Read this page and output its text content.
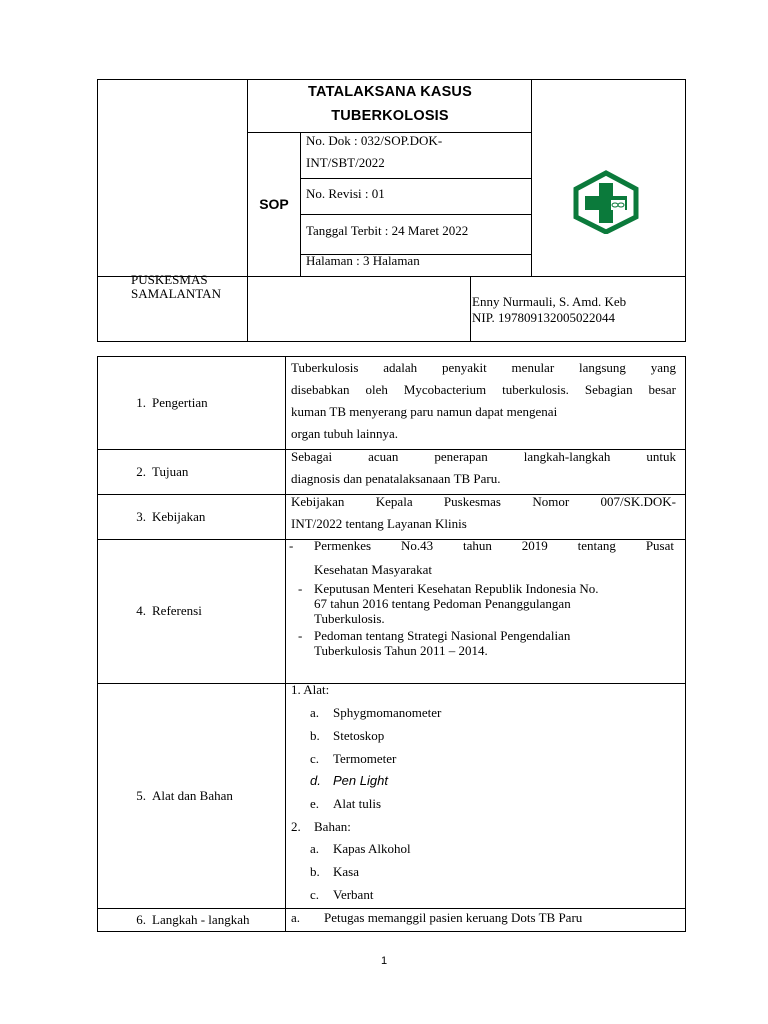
TATALAKSANA KASUS
TUBERKOLOSIS
SOP
No. Dok : 032/SOP.DOK-
INT/SBT/2022
No. Revisi : 01
Tanggal Terbit : 24 Maret 2022
Halaman : 3 Halaman
PUSKESMAS
SAMALANTAN
Enny Nurmauli, S. Amd. Keb
NIP. 197809132005022044
1. Pengertian
Tuberkulosis adalah penyakit menular langsung yang
disebabkan oleh Mycobacterium tuberkulosis. Sebagian besar
kuman TB menyerang paru namun dapat mengenai
organ tubuh lainnya.
2. Tujuan
Sebagai acuan penerapan langkah-langkah untuk
diagnosis dan penatalaksanaan TB Paru.
3. Kebijakan
Kebijakan Kepala Puskesmas Nomor 007/SK.DOK-
INT/2022 tentang Layanan Klinis
4. Referensi
- Permenkes No.43 tahun 2019 tentang Pusat
Kesehatan Masyarakat
- Keputusan Menteri Kesehatan Republik Indonesia No.
67 tahun 2016 tentang Pedoman Penanggulangan
Tuberkulosis.
- Pedoman tentang Strategi Nasional Pengendalian
Tuberkulosis Tahun 2011 – 2014.
5. Alat dan Bahan
1. Alat:
a. Sphygmomanometer
b. Stetoskop
c. Termometer
d. Pen Light
e. Alat tulis
2. Bahan:
a. Kapas Alkohol
b. Kasa
c. Verbant
6. Langkah - langkah	a. Petugas memanggil pasien keruang Dots TB Paru
1
